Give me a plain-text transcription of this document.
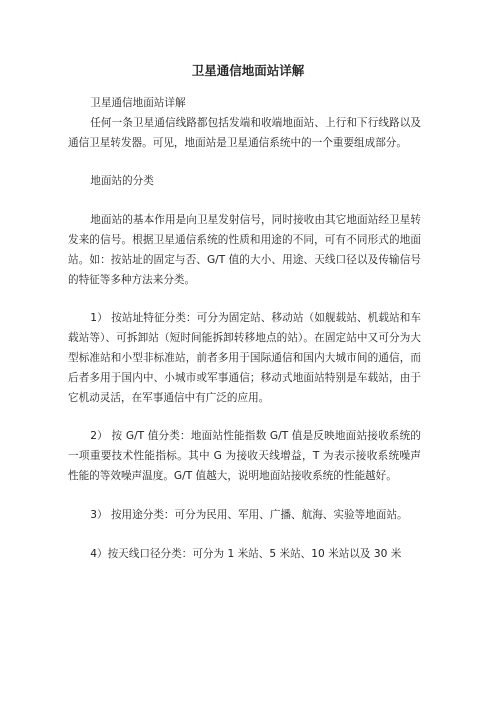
卫星通信地面站详解

卫星通信地面站详解

任何一条卫星通信线路都包括发端和收端地面站、上行和下行线路以及通信卫星转发器。可见，地面站是卫星通信系统中的一个重要组成部分。

地面站的分类

地面站的基本作用是向卫星发射信号，同时接收由其它地面站经卫星转发来的信号。根据卫星通信系统的性质和用途的不同，可有不同形式的地面站。如：按站址的固定与否、G/T 值的大小、用途、天线口径以及传输信号的特征等多种方法来分类。

1） 按站址特征分类：可分为固定站、移动站（如舰载站、机载站和车载站等）、可拆卸站（短时间能拆卸转移地点的站）。在固定站中又可分为大型标准站和小型非标准站，前者多用于国际通信和国内大城市间的通信，而后者多用于国内中、小城市或军事通信；移动式地面站特别是车载站，由于它机动灵活，在军事通信中有广泛的应用。

2） 按 G/T 值分类：地面站性能指数 G/T 值是反映地面站接收系统的一项重要技术性能指标。其中 G 为接收天线增益，T 为表示接收系统噪声性能的等效噪声温度。G/T 值越大，说明地面站接收系统的性能越好。

3） 按用途分类：可分为民用、军用、广播、航海、实验等地面站。

4）按天线口径分类：可分为 1 米站、5 米站、10 米站以及 30 米
